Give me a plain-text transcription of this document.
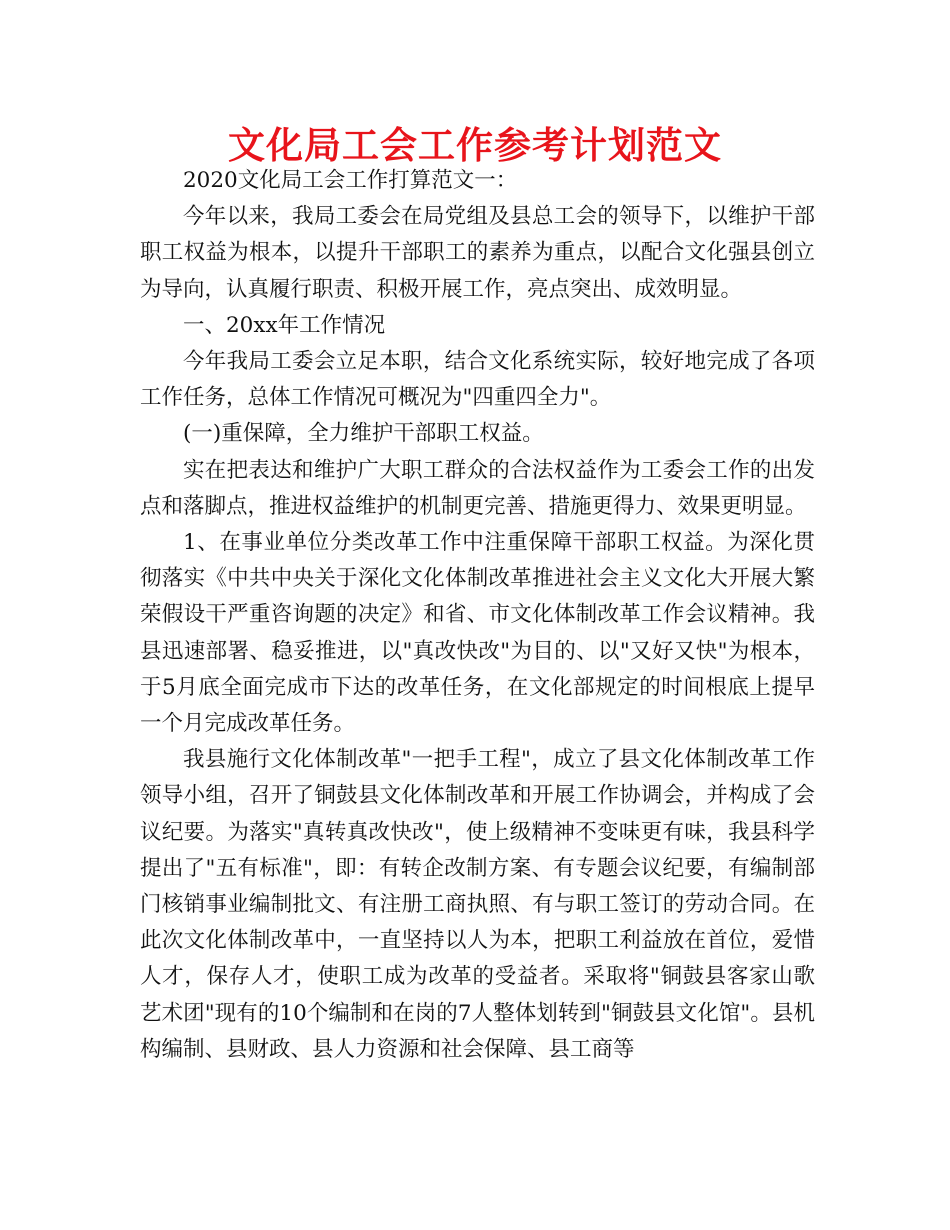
文化局工会工作参考计划范文

2020文化局工会工作打算范文一：

今年以来，我局工委会在局党组及县总工会的领导下，以维护干部职工权益为根本，以提升干部职工的素养为重点，以配合文化强县创立为导向，认真履行职责、积极开展工作，亮点突出、成效明显。

一、20xx年工作情况

今年我局工委会立足本职，结合文化系统实际，较好地完成了各项工作任务，总体工作情况可概况为"四重四全力"。

(一)重保障，全力维护干部职工权益。

实在把表达和维护广大职工群众的合法权益作为工委会工作的出发点和落脚点，推进权益维护的机制更完善、措施更得力、效果更明显。

1、在事业单位分类改革工作中注重保障干部职工权益。为深化贯彻落实《中共中央关于深化文化体制改革推进社会主义文化大开展大繁荣假设干严重咨询题的决定》和省、市文化体制改革工作会议精神。我县迅速部署、稳妥推进，以"真改快改"为目的、以"又好又快"为根本，于5月底全面完成市下达的改革任务，在文化部规定的时间根底上提早一个月完成改革任务。

我县施行文化体制改革"一把手工程"，成立了县文化体制改革工作领导小组，召开了铜鼓县文化体制改革和开展工作协调会，并构成了会议纪要。为落实"真转真改快改"，使上级精神不变味更有味，我县科学提出了"五有标准"，即：有转企改制方案、有专题会议纪要，有编制部门核销事业编制批文、有注册工商执照、有与职工签订的劳动合同。在此次文化体制改革中，一直坚持以人为本，把职工利益放在首位，爱惜人才，保存人才，使职工成为改革的受益者。采取将"铜鼓县客家山歌艺术团"现有的10个编制和在岗的7人整体划转到"铜鼓县文化馆"。县机构编制、县财政、县人力资源和社会保障、县工商等
